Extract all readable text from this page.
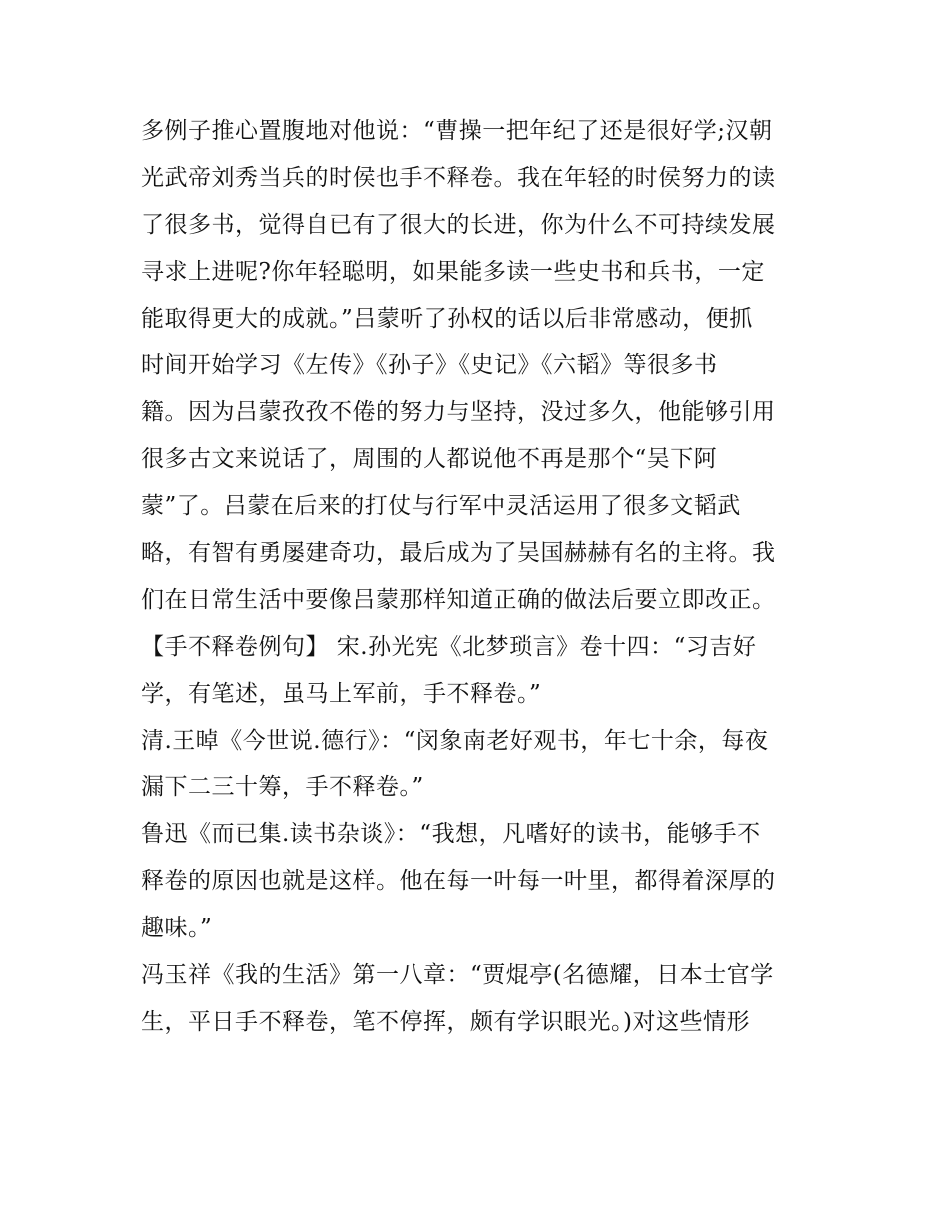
多例子推心置腹地对他说：“曹操一把年纪了还是很好学;汉朝
光武帝刘秀当兵的时侯也手不释卷。我在年轻的时侯努力的读
了很多书，觉得自已有了很大的长进，你为什么不可持续发展
寻求上进呢?你年轻聪明，如果能多读一些史书和兵书，一定
能取得更大的成就。”吕蒙听了孙权的话以后非常感动，便抓
时间开始学习《左传》《孙子》《史记》《六韬》等很多书
籍。因为吕蒙孜孜不倦的努力与坚持，没过多久，他能够引用
很多古文来说话了，周围的人都说他不再是那个“吴下阿
蒙”了。吕蒙在后来的打仗与行军中灵活运用了很多文韬武
略，有智有勇屡建奇功，最后成为了吴国赫赫有名的主将。我
们在日常生活中要像吕蒙那样知道正确的做法后要立即改正。
【手不释卷例句】 宋.孙光宪《北梦琐言》卷十四：“习吉好
学，有笔述，虽马上军前，手不释卷。”
清.王晫《今世说.德行》：“闵象南老好观书，年七十余，每夜
漏下二三十筹，手不释卷。”
鲁迅《而已集.读书杂谈》：“我想，凡嗜好的读书，能够手不
释卷的原因也就是这样。他在每一叶每一叶里，都得着深厚的
趣味。”
冯玉祥《我的生活》第一八章：“贾焜亭(名德耀，日本士官学
生，平日手不释卷，笔不停挥，颇有学识眼光。)对这些情形
